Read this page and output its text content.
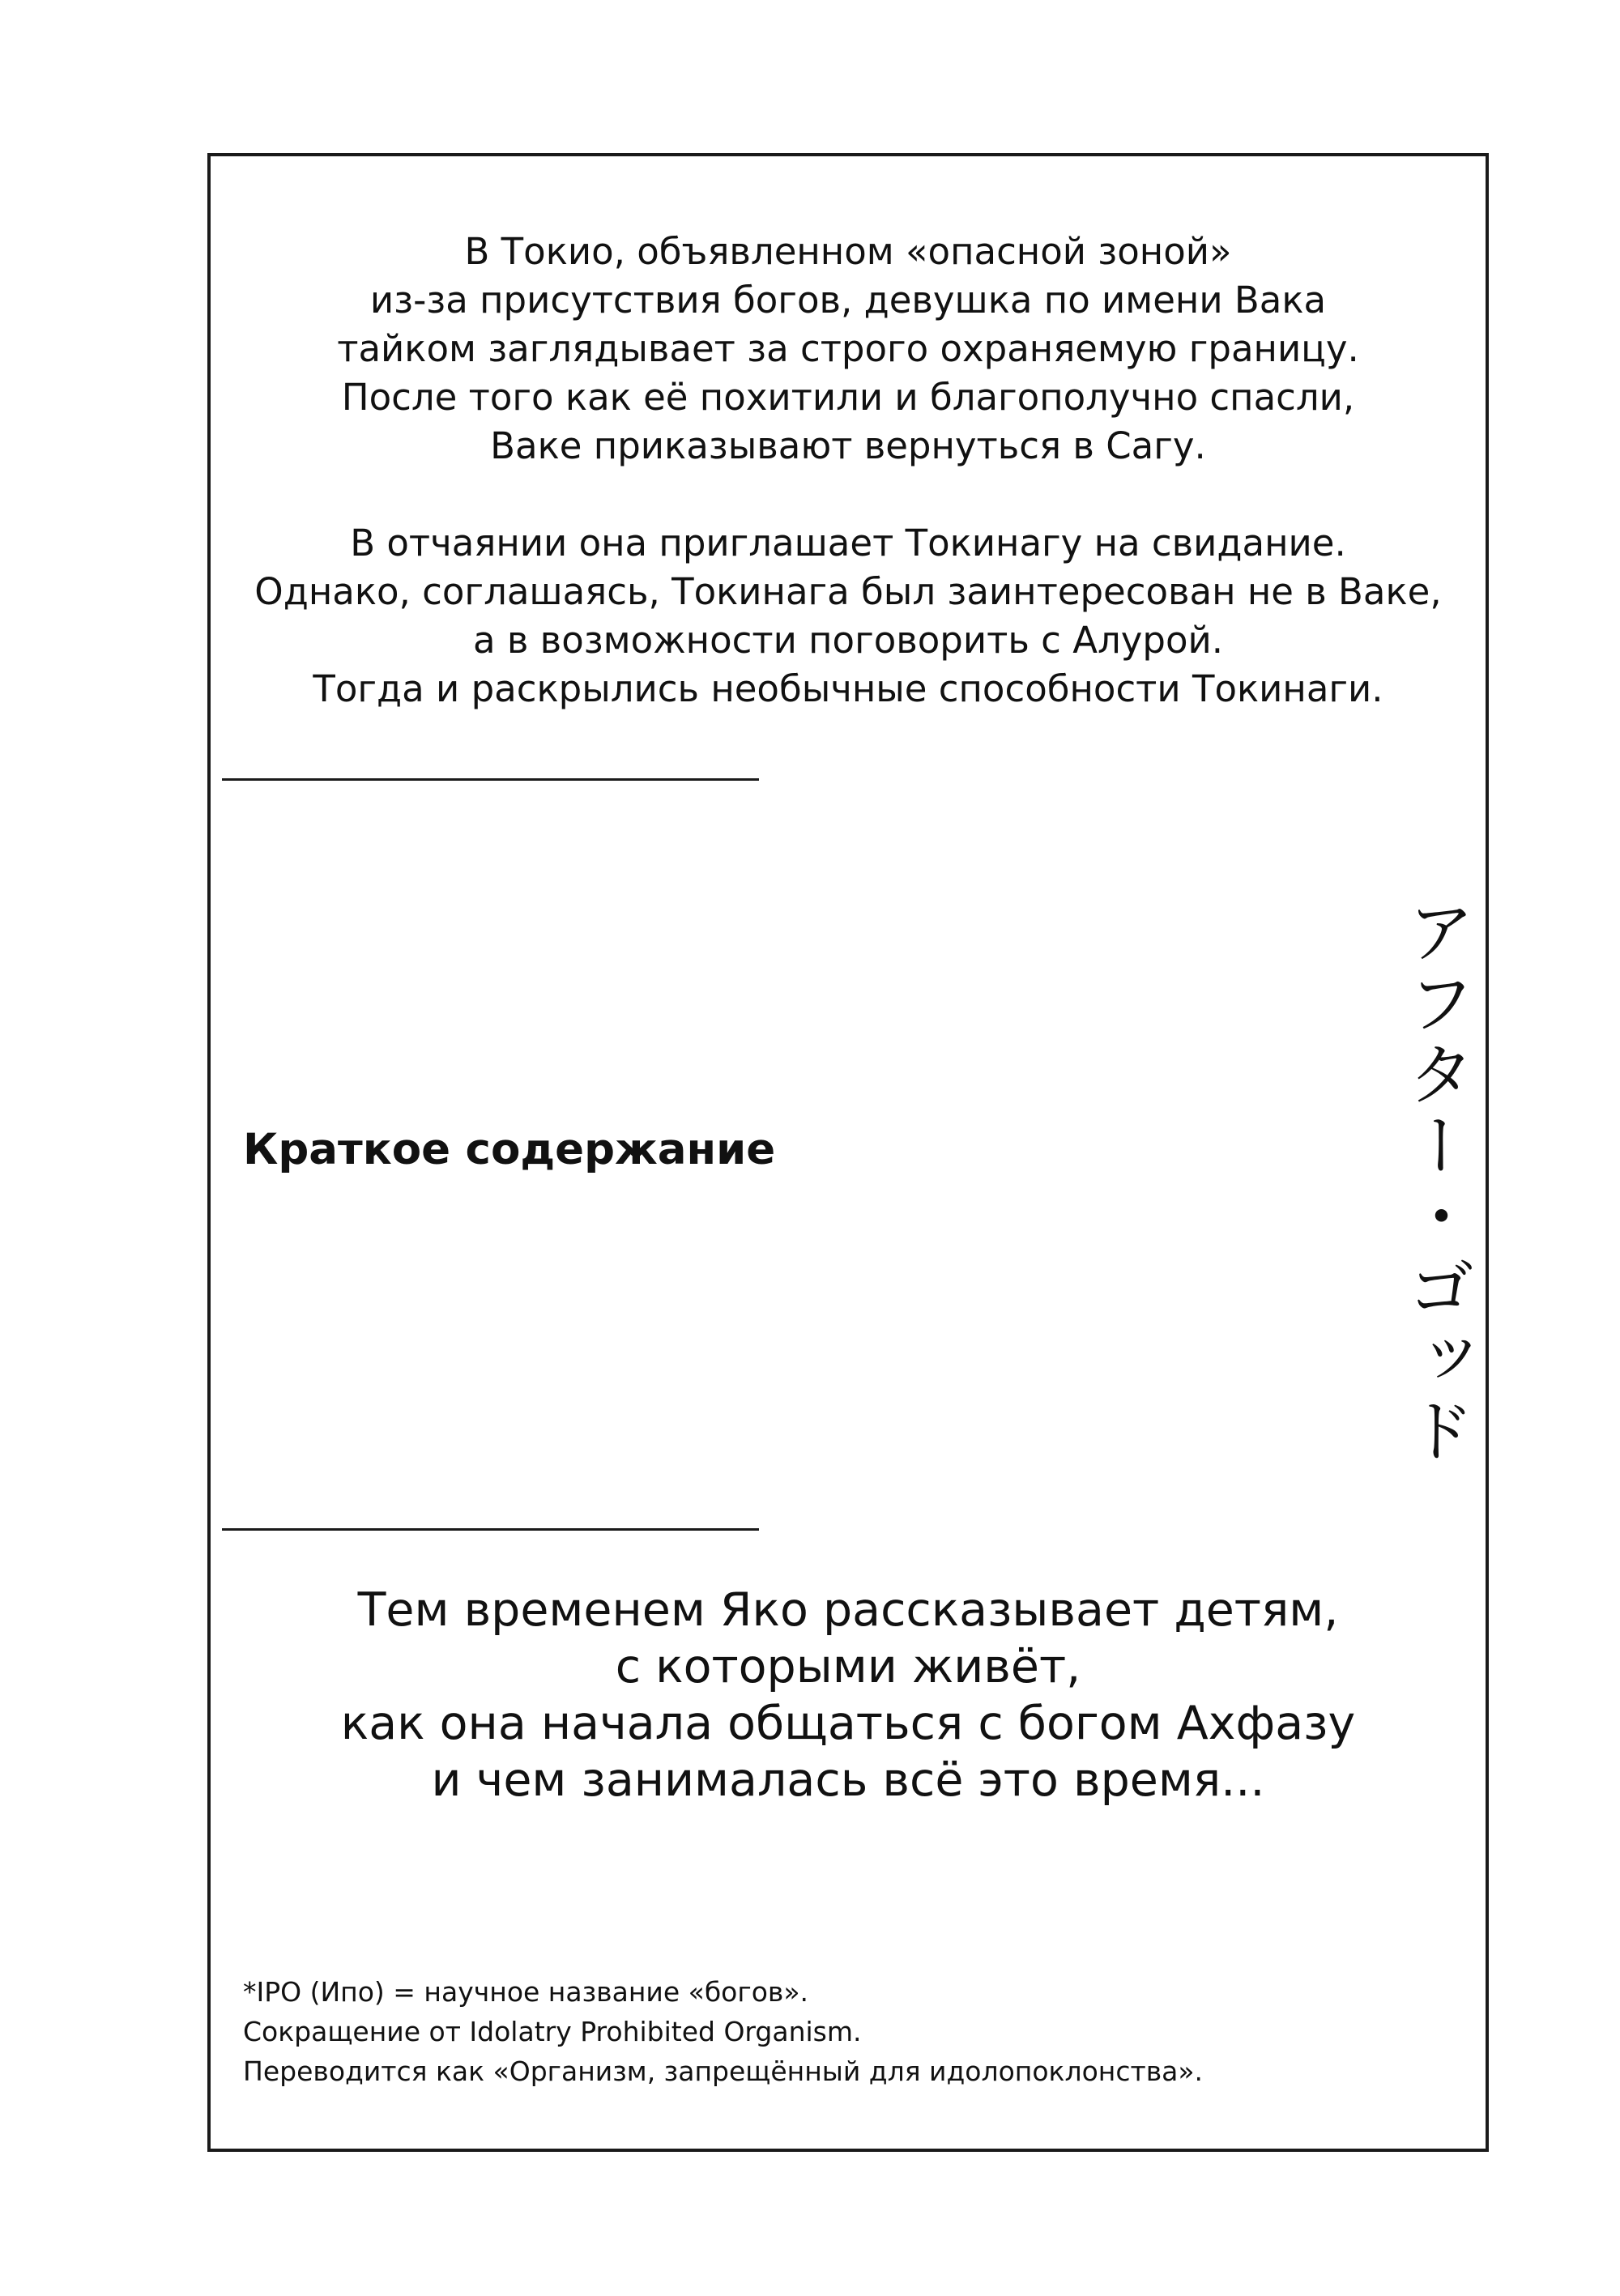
В Токио, объявленном «опасной зоной»
из-за присутствия богов, девушка по имени Вака
тайком заглядывает за строго охраняемую границу.
После того как её похитили и благополучно спасли,
Ваке приказывают вернуться в Сагу.
В отчаянии она приглашает Токинагу на свидание.
Однако, соглашаясь, Токинага был заинтересован не в Ваке,
а в возможности поговорить с Алурой.
Тогда и раскрылись необычные способности Токинаги.

Краткое содержание	アフター・ゴッド

Тем временем Яко рассказывает детям,
с которыми живёт,
как она начала общаться с богом Ахфазу
и чем занималась всё это время...

*IPO (Ипо) = научное название «богов».
Сокращение от Idolatry Prohibited Organism.
Переводится как «Организм, запрещённый для идолопоклонства».
